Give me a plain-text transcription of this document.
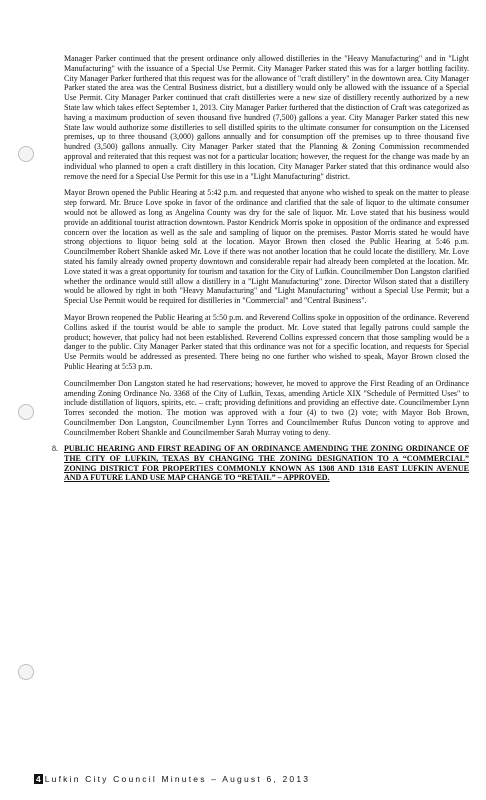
Manager Parker continued that the present ordinance only allowed distilleries in the "Heavy Manufacturing" and in "Light Manufacturing" with the issuance of a Special Use Permit. City Manager Parker stated this was for a larger bottling facility. City Manager Parker furthered that this request was for the allowance of "craft distillery" in the downtown area. City Manager Parker stated the area was the Central Business district, but a distillery would only be allowed with the issuance of a Special Use Permit. City Manager Parker continued that craft distilleries were a new size of distillery recently authorized by a new State law which takes effect September 1, 2013. City Manager Parker furthered that the distinction of Craft was categorized as having a maximum production of seven thousand five hundred (7,500) gallons a year. City Manager Parker stated this new State law would authorize some distilleries to sell distilled spirits to the ultimate consumer for consumption on the Licensed premises, up to three thousand (3,000) gallons annually and for consumption off the premises up to three thousand five hundred (3,500) gallons annually. City Manager Parker stated that the Planning & Zoning Commission recommended approval and reiterated that this request was not for a particular location; however, the request for the change was made by an individual who planned to open a craft distillery in this location. City Manager Parker stated that this ordinance would also remove the need for a Special Use Permit for this use in a "Light Manufacturing" district.

Mayor Brown opened the Public Hearing at 5:42 p.m. and requested that anyone who wished to speak on the matter to please step forward. Mr. Bruce Love spoke in favor of the ordinance and clarified that the sale of liquor to the ultimate consumer would not be allowed as long as Angelina County was dry for the sale of liquor. Mr. Love stated that his business would provide an additional tourist attraction downtown. Pastor Kendrick Morris spoke in opposition of the ordinance and expressed concern over the location as well as the sale and sampling of liquor on the premises. Pastor Morris stated he would have strong objections to liquor being sold at the location. Mayor Brown then closed the Public Hearing at 5:46 p.m. Councilmember Robert Shankle asked Mr. Love if there was not another location that he could locate the distillery. Mr. Love stated his family already owned property downtown and considerable repair had already been completed at the location. Mr. Love stated it was a great opportunity for tourism and taxation for the City of Lufkin. Councilmember Don Langston clarified whether the ordinance would still allow a distillery in a "Light Manufacturing" zone. Director Wilson stated that a distillery would be allowed by right in both "Heavy Manufacturing" and "Light Manufacturing" without a Special Use Permit; but a Special Use Permit would be required for distilleries in "Commercial" and "Central Business".

Mayor Brown reopened the Public Hearing at 5:50 p.m. and Reverend Collins spoke in opposition of the ordinance. Reverend Collins asked if the tourist would be able to sample the product. Mr. Love stated that legally patrons could sample the product; however, that policy had not been established. Reverend Collins expressed concern that those sampling would be a danger to the public. City Manager Parker stated that this ordinance was not for a specific location, and requests for Special Use Permits would be addressed as presented. There being no one further who wished to speak, Mayor Brown closed the Public Hearing at 5:53 p.m.

Councilmember Don Langston stated he had reservations; however, he moved to approve the First Reading of an Ordinance amending Zoning Ordinance No. 3368 of the City of Lufkin, Texas, amending Article XIX "Schedule of Permitted Uses" to include distillation of liquors, spirits, etc. – craft; providing definitions and providing an effective date. Councilmember Lynn Torres seconded the motion. The motion was approved with a four (4) to two (2) vote; with Mayor Bob Brown, Councilmember Don Langston, Councilmember Lynn Torres and Councilmember Rufus Duncon voting to approve and Councilmember Robert Shankle and Councilmember Sarah Murray voting to deny.

8. PUBLIC HEARING AND FIRST READING OF AN ORDINANCE AMENDING THE ZONING ORDINANCE OF THE CITY OF LUFKIN, TEXAS BY CHANGING THE ZONING DESIGNATION TO A “COMMERCIAL” ZONING DISTRICT FOR PROPERTIES COMMONLY KNOWN AS 1308 AND 1318 EAST LUFKIN AVENUE AND A FUTURE LAND USE MAP CHANGE TO “RETAIL” – APPROVED.
4 Lufkin City Council Minutes – August 6, 2013
